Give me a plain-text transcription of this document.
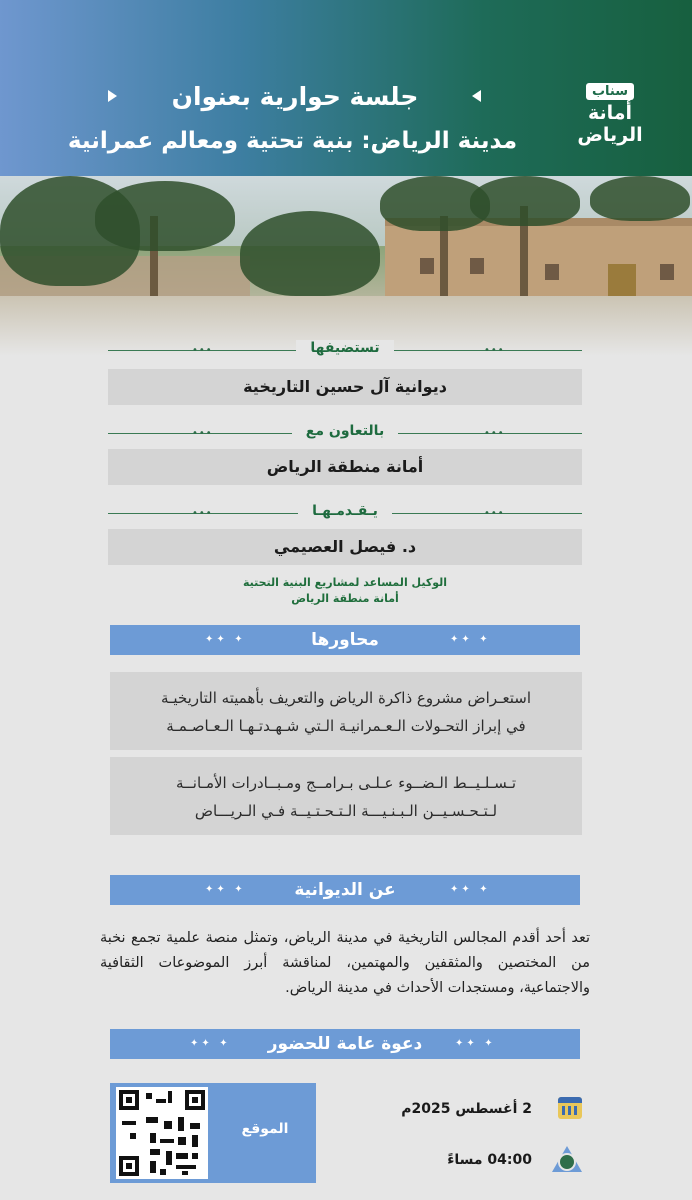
جلسة حوارية بعنوان
مدينة الرياض: بنية تحتية ومعالم عمرانية
سناب
أمانة
الرياض
•••	•••
تستضيفها
ديوانية آل حسين التاريخية
•••	•••
بالتعاون مع
أمانة منطقة الرياض
•••	•••
يـقـدمـهـا
د. فيصل العصيمي
الوكيل المساعد لمشاريع البنية التحتية
أمانة منطقة الرياض
✦ ✦✦	محاورها	✦ ✦✦
استعـراض مشروع ذاكرة الرياض والتعريف بأهميته التاريخيـة
في إبراز التحـولات الـعـمرانيـة الـتي شـهـدتـهـا الـعـاصـمـة
تـسـلـيــط الـضــوء عـلـى بـرامــج ومـبــادرات الأمـانــة
لـتـحـسـيــن الـبـنـيـــة الـتـحـتـيــة فـي الـريـــاض
✦ ✦✦	عن الديوانية	✦ ✦✦
تعد أحد أقدم المجالس التاريخية في مدينة الرياض، وتمثل منصة علمية تجمع نخبة من المختصين والمثقفين والمهتمين، لمناقشة أبرز الموضوعات الثقافية والاجتماعية، ومستجدات الأحداث في مدينة الرياض.
✦ ✦✦ دعوة عامة للحضور	✦ ✦✦
الموقع
2 أغسطس 2025م
04:00 مساءً
